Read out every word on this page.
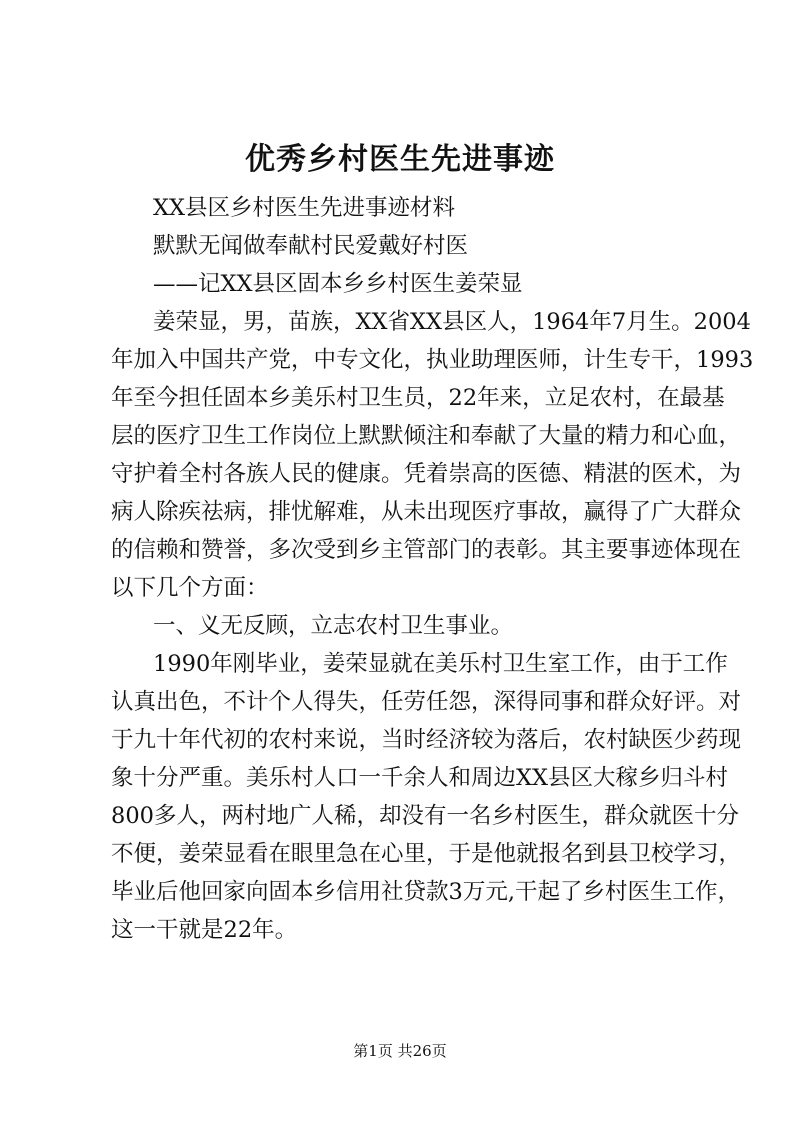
优秀乡村医生先进事迹
XX县区乡村医生先进事迹材料
默默无闻做奉献村民爱戴好村医
——记XX县区固本乡乡村医生姜荣显
姜荣显，男，苗族，XX省XX县区人，1964年7月生。2004
年加入中国共产党，中专文化，执业助理医师，计生专干，1993
年至今担任固本乡美乐村卫生员，22年来，立足农村，在最基
层的医疗卫生工作岗位上默默倾注和奉献了大量的精力和心血，
守护着全村各族人民的健康。凭着崇高的医德、精湛的医术，为
病人除疾祛病，排忧解难，从未出现医疗事故，赢得了广大群众
的信赖和赞誉，多次受到乡主管部门的表彰。其主要事迹体现在
以下几个方面：
一、义无反顾，立志农村卫生事业。
1990年刚毕业，姜荣显就在美乐村卫生室工作，由于工作
认真出色，不计个人得失，任劳任怨，深得同事和群众好评。对
于九十年代初的农村来说，当时经济较为落后，农村缺医少药现
象十分严重。美乐村人口一千余人和周边XX县区大稼乡归斗村
800多人，两村地广人稀，却没有一名乡村医生，群众就医十分
不便，姜荣显看在眼里急在心里，于是他就报名到县卫校学习，
毕业后他回家向固本乡信用社贷款3万元,干起了乡村医生工作，
这一干就是22年。
第1页 共26页
